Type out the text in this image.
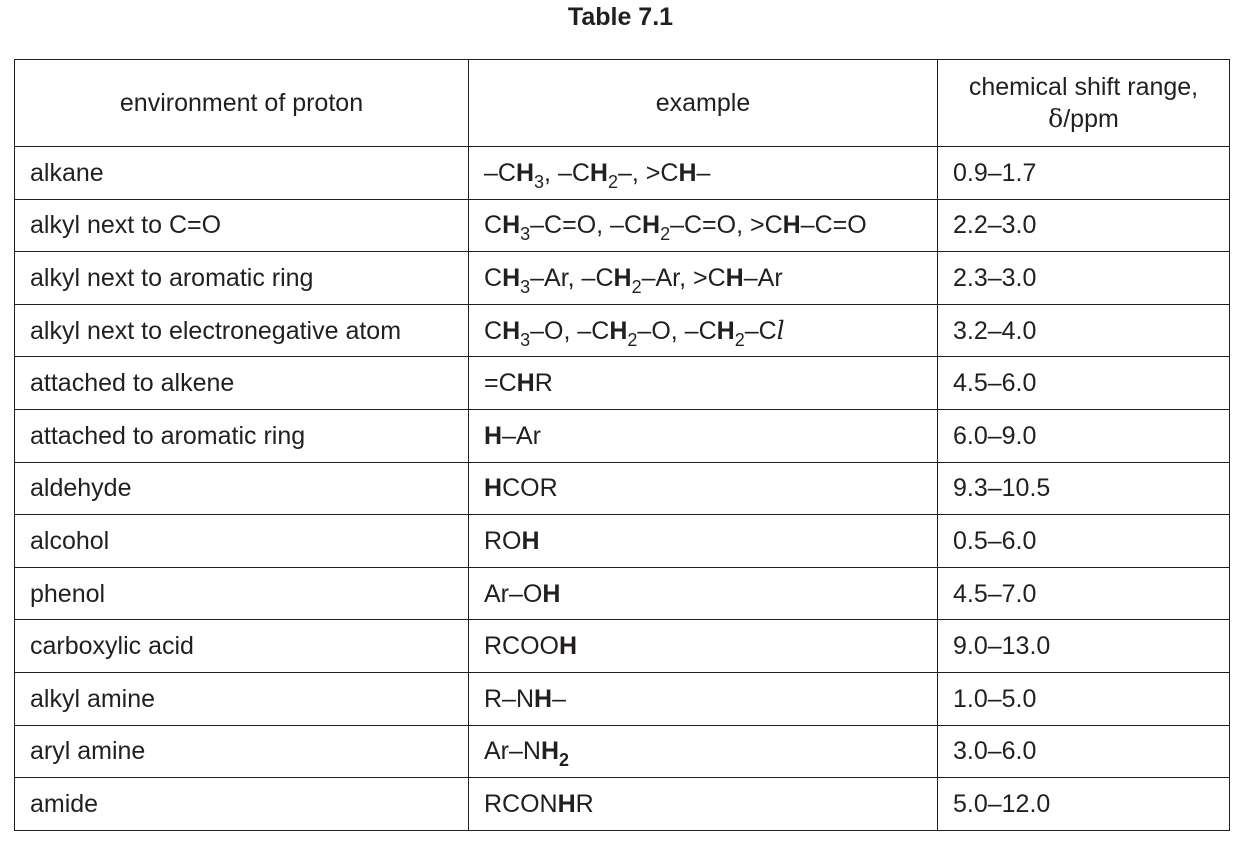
Table 7.1
environment of proton	example	chemical shift range,
δ/ppm
alkane	$-CH_3$, $-CH_2-$, >CH–	0.9–1.7
alkyl next to C=O	$CH_3-C=O$, $-CH_2-C=O$, >CH–C=O	2.2–3.0
alkyl next to aromatic ring	$CH_3-Ar$, $-CH_2-Ar$, >CH–Ar	2.3–3.0
alkyl next to electronegative atom	$CH_3-O$, $-CH_2-O$, $-CH_2-Cl$	3.2–4.0
attached to alkene	=CHR	4.5–6.0
attached to aromatic ring	H–Ar	6.0–9.0
aldehyde	HCOR	9.3–10.5
alcohol	ROH	0.5–6.0
phenol	Ar–OH	4.5–7.0
carboxylic acid	RCOOH	9.0–13.0
alkyl amine	R–NH–	1.0–5.0
aryl amine	$Ar-NH_2$	3.0–6.0
amide	RCONHR	5.0–12.0
